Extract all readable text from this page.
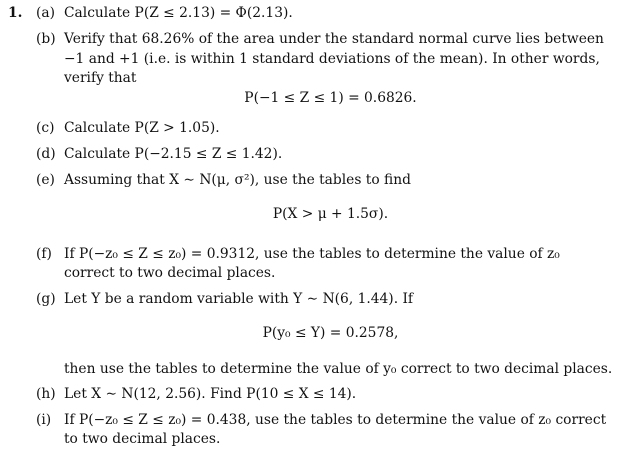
1. (a) Calculate P(Z ≤ 2.13) = Φ(2.13).
(b) Verify that 68.26% of the area under the standard normal curve lies between
−1 and +1 (i.e. is within 1 standard deviations of the mean). In other words,
verify that
P(−1 ≤ Z ≤ 1) = 0.6826.
(c) Calculate P(Z > 1.05).
(d) Calculate P(−2.15 ≤ Z ≤ 1.42).
(e) Assuming that X ∼ N(μ, σ²), use the tables to find
P(X > μ + 1.5σ).
(f) If P(−z₀ ≤ Z ≤ z₀) = 0.9312, use the tables to determine the value of z₀
correct to two decimal places.
(g) Let Y be a random variable with Y ∼ N(6, 1.44). If
P(y₀ ≤ Y) = 0.2578,
then use the tables to determine the value of y₀ correct to two decimal places.
(h) Let X ∼ N(12, 2.56). Find P(10 ≤ X ≤ 14).
(i) If P(−z₀ ≤ Z ≤ z₀) = 0.438, use the tables to determine the value of z₀ correct
to two decimal places.
